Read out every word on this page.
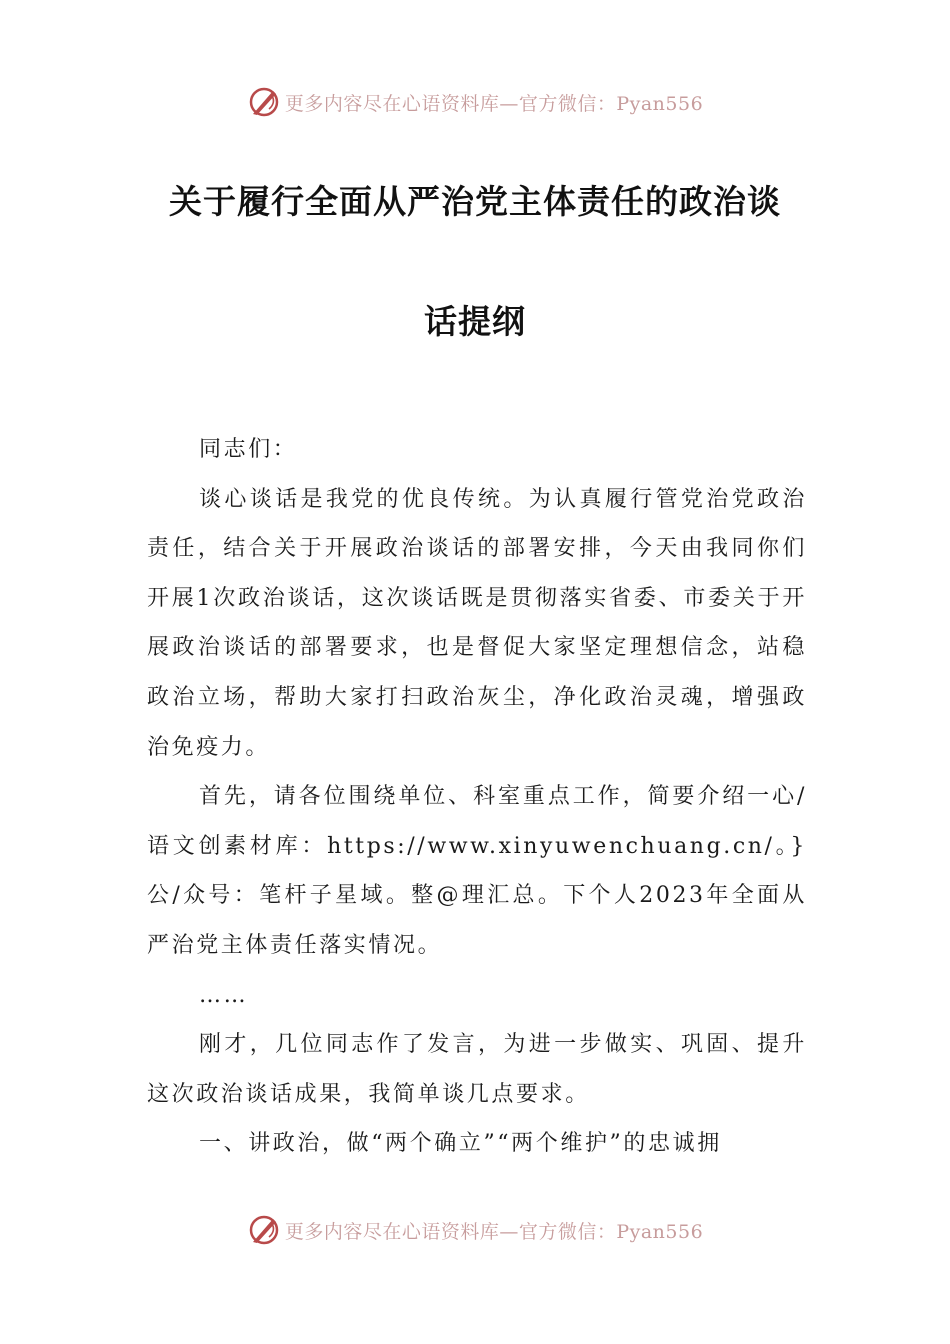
更多内容尽在心语资料库—官方微信：Pyan556
关于履行全面从严治党主体责任的政治谈
话提纲

同志们：

谈心谈话是我党的优良传统。为认真履行管党治党政治责任，结合关于开展政治谈话的部署安排，今天由我同你们开展1次政治谈话，这次谈话既是贯彻落实省委、市委关于开展政治谈话的部署要求，也是督促大家坚定理想信念，站稳政治立场，帮助大家打扫政治灰尘，净化政治灵魂，增强政治免疫力。

首先，请各位围绕单位、科室重点工作，简要介绍一心/语文创素材库：https://www.xinyuwenchuang.cn/。}公/众号：笔杆子星域。整@理汇总。下个人2023年全面从严治党主体责任落实情况。

……

刚才，几位同志作了发言，为进一步做实、巩固、提升这次政治谈话成果，我简单谈几点要求。

一、讲政治，做“两个确立”“两个维护”的忠诚拥

更多内容尽在心语资料库—官方微信：Pyan556
